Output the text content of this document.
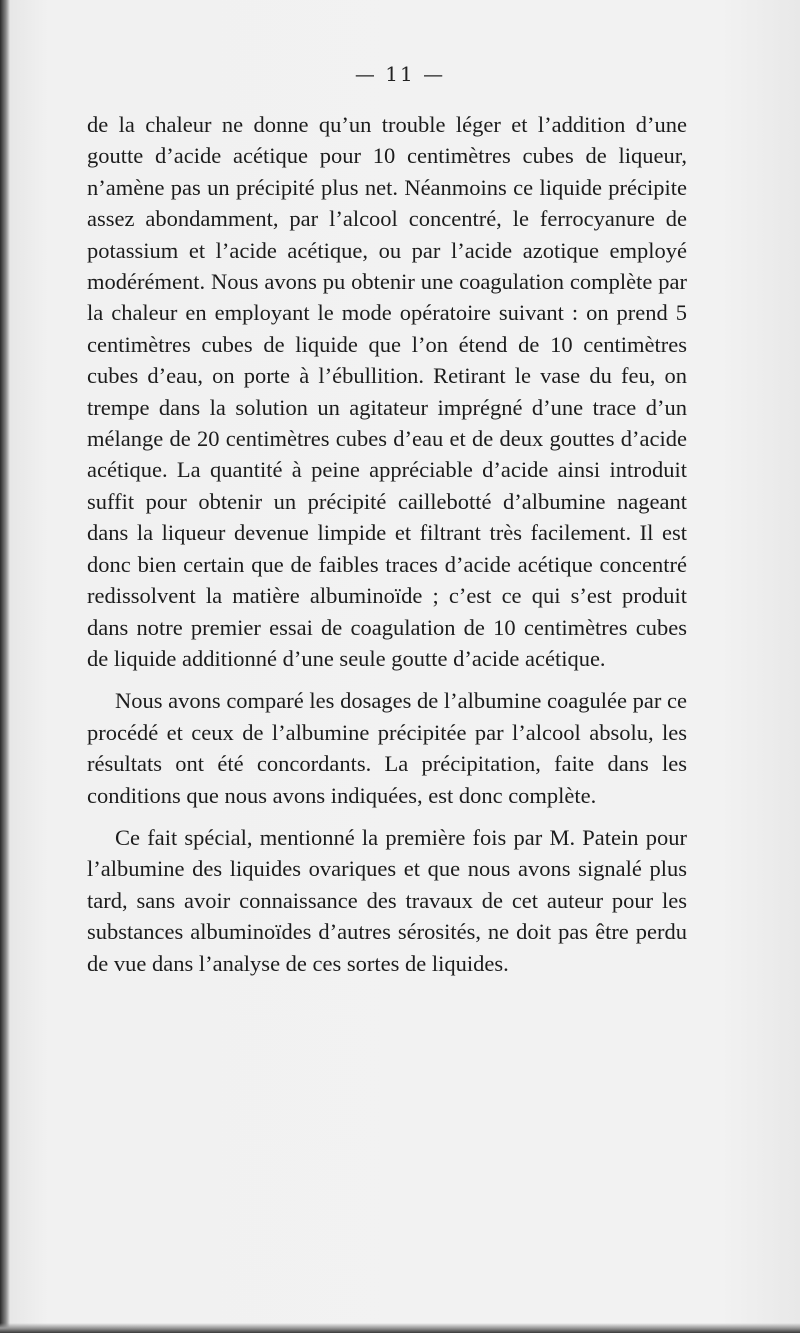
— 11 —

de la chaleur ne donne qu’un trouble léger et l’addition d’une goutte d’acide acétique pour 10 centimètres cubes de liqueur, n’amène pas un précipité plus net. Néanmoins ce liquide précipite assez abondamment, par l’alcool concentré, le ferrocyanure de potassium et l’acide acétique, ou par l’acide azotique employé modérément. Nous avons pu obtenir une coagulation complète par la chaleur en employant le mode opératoire suivant : on prend 5 centimètres cubes de liquide que l’on étend de 10 centimètres cubes d’eau, on porte à l’ébullition. Retirant le vase du feu, on trempe dans la solution un agitateur imprégné d’une trace d’un mélange de 20 centimètres cubes d’eau et de deux gouttes d’acide acétique. La quantité à peine appréciable d’acide ainsi introduit suffit pour obtenir un précipité caillebotté d’albumine nageant dans la liqueur devenue limpide et filtrant très facilement. Il est donc bien certain que de faibles traces d’acide acétique concentré redissolvent la matière albuminoïde ; c’est ce qui s’est produit dans notre premier essai de coagulation de 10 centimètres cubes de liquide additionné d’une seule goutte d’acide acétique.

Nous avons comparé les dosages de l’albumine coagulée par ce procédé et ceux de l’albumine précipitée par l’alcool absolu, les résultats ont été concordants. La précipitation, faite dans les conditions que nous avons indiquées, est donc complète.

Ce fait spécial, mentionné la première fois par M. Patein pour l’albumine des liquides ovariques et que nous avons signalé plus tard, sans avoir connaissance des travaux de cet auteur pour les substances albuminoïdes d’autres sérosités, ne doit pas être perdu de vue dans l’analyse de ces sortes de liquides.
